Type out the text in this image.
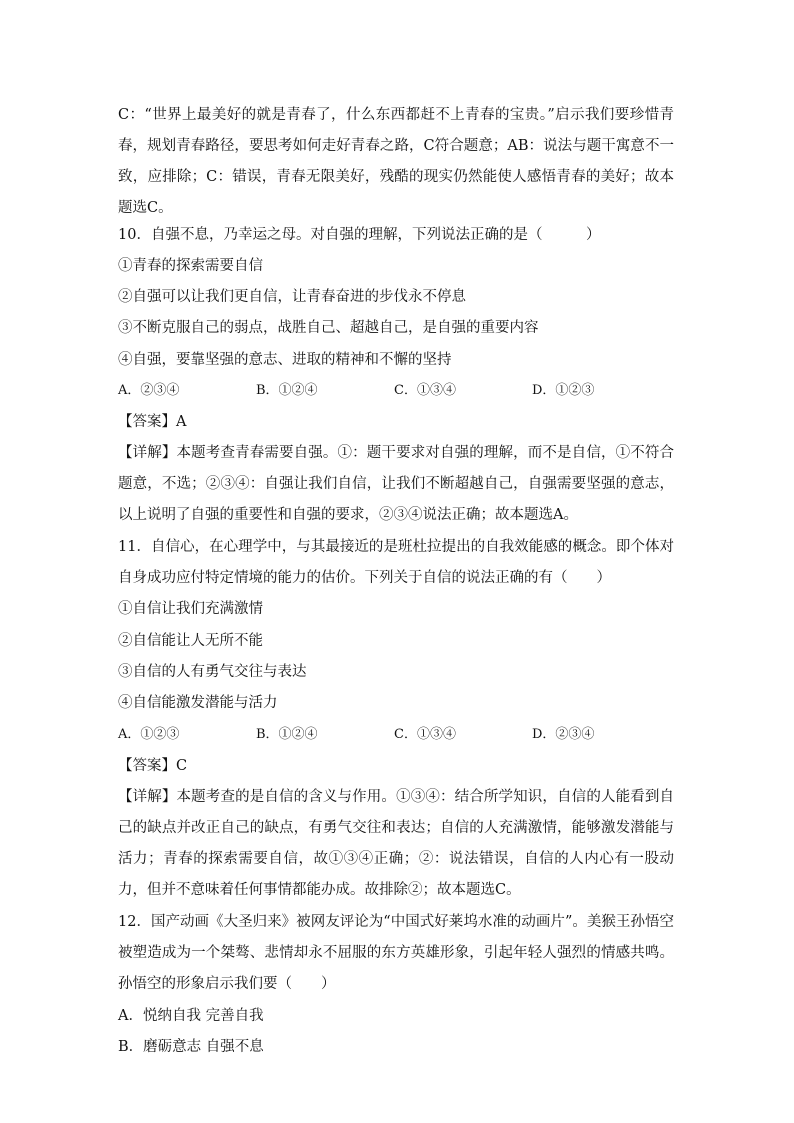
C：“世界上最美好的就是青春了，什么东西都赶不上青春的宝贵。”启示我们要珍惜青春，规划青春路径，要思考如何走好青春之路，C符合题意；AB：说法与题干寓意不一致，应排除；C：错误，青春无限美好，残酷的现实仍然能使人感悟青春的美好；故本题选C。
10．自强不息，乃幸运之母。对自强的理解，下列说法正确的是（　　　）
①青春的探索需要自信
②自强可以让我们更自信，让青春奋进的步伐永不停息
③不断克服自己的弱点，战胜自己、超越自己，是自强的重要内容
④自强，要靠坚强的意志、进取的精神和不懈的坚持
A．②③④	B．①②④	C．①③④	D．①②③
【答案】A
【详解】本题考查青春需要自强。①：题干要求对自强的理解，而不是自信，①不符合题意，不选；②③④：自强让我们自信，让我们不断超越自己，自强需要坚强的意志，以上说明了自强的重要性和自强的要求，②③④说法正确；故本题选A。
11．自信心，在心理学中，与其最接近的是班杜拉提出的自我效能感的概念。即个体对自身成功应付特定情境的能力的估价。下列关于自信的说法正确的有（　　）
①自信让我们充满激情
②自信能让人无所不能
③自信的人有勇气交往与表达
④自信能激发潜能与活力
A．①②③	B．①②④	C．①③④	D．②③④
【答案】C
【详解】本题考查的是自信的含义与作用。①③④：结合所学知识，自信的人能看到自己的缺点并改正自己的缺点，有勇气交往和表达；自信的人充满激情，能够激发潜能与活力；青春的探索需要自信，故①③④正确；②：说法错误，自信的人内心有一股动力，但并不意味着任何事情都能办成。故排除②；故本题选C。
12．国产动画《大圣归来》被网友评论为“中国式好莱坞水准的动画片”。美猴王孙悟空被塑造成为一个桀骜、悲情却永不屈服的东方英雄形象，引起年轻人强烈的情感共鸣。孙悟空的形象启示我们要（　　）
A．悦纳自我 完善自我
B．磨砺意志 自强不息
